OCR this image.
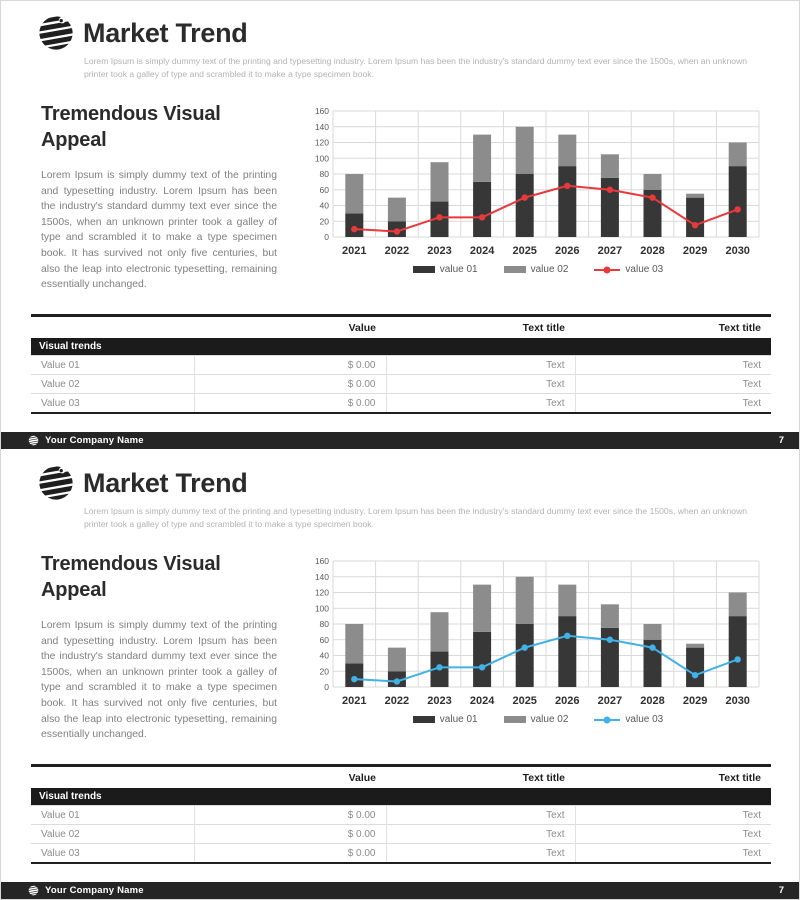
Market Trend

Lorem Ipsum is simply dummy text of the printing and typesetting industry. Lorem Ipsum has been the industry's standard dummy text ever since the 1500s, when an unknown printer took a galley of type and scrambled it to make a type specimen book.

Tremendous Visual
Appeal

Lorem Ipsum is simply dummy text of the printing and typesetting industry. Lorem Ipsum has been the industry's standard dummy text ever since the 1500s, when an unknown printer took a galley of type and scrambled it to make a type specimen book. It has survived not only five centuries, but also the leap into electronic typesetting, remaining essentially unchanged.

0
20
40
60
80
100
120
140
160
2021 2022 2023 2024 2025 2026 2027 2028 2029 2030
value 01	value 02	value 03
	Value	Text title	Text title
Visual trends			
Value 01	$ 0.00	Text	Text
Value 02	$ 0.00	Text	Text
Value 03	$ 0.00	Text	Text
Your Company Name	7
Market Trend

Lorem Ipsum is simply dummy text of the printing and typesetting industry. Lorem Ipsum has been the industry's standard dummy text ever since the 1500s, when an unknown printer took a galley of type and scrambled it to make a type specimen book.

Tremendous Visual
Appeal

Lorem Ipsum is simply dummy text of the printing and typesetting industry. Lorem Ipsum has been the industry's standard dummy text ever since the 1500s, when an unknown printer took a galley of type and scrambled it to make a type specimen book. It has survived not only five centuries, but also the leap into electronic typesetting, remaining essentially unchanged.

0
20
40
60
80
100
120
140
160
2021 2022 2023 2024 2025 2026 2027 2028 2029 2030
value 01	value 02	value 03
	Value	Text title	Text title
Visual trends			
Value 01	$ 0.00	Text	Text
Value 02	$ 0.00	Text	Text
Value 03	$ 0.00	Text	Text
Your Company Name	7
